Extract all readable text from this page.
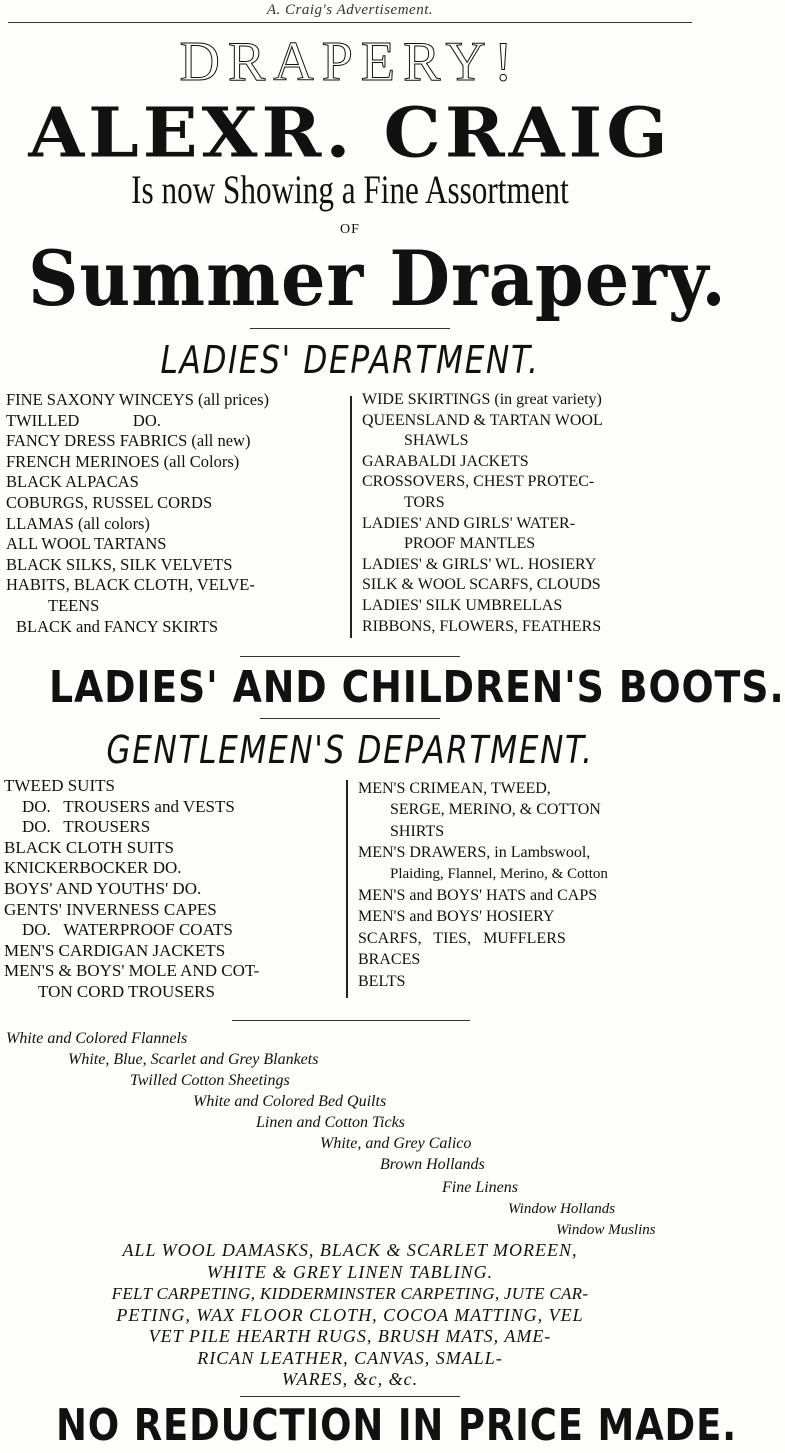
A. Craig's Advertisement.
DRAPERY!
ALEXR. CRAIG
Is now Showing a Fine Assortment
OF
Summer Drapery.
LADIES' DEPARTMENT.
FINE SAXONY WINCEYS (all prices)
TWILLED             DO.
FANCY DRESS FABRICS (all new)
FRENCH MERINOES (all Colors)
BLACK ALPACAS
COBURGS, RUSSEL CORDS
LLAMAS (all colors)
ALL WOOL TARTANS
BLACK SILKS, SILK VELVETS
HABITS, BLACK CLOTH, VELVE-
TEENS
BLACK and FANCY SKIRTS
WIDE SKIRTINGS (in great variety)
QUEENSLAND & TARTAN WOOL
SHAWLS
GARABALDI JACKETS
CROSSOVERS, CHEST PROTEC-
TORS
LADIES' AND GIRLS' WATER-
PROOF MANTLES
LADIES' & GIRLS' WL. HOSIERY
SILK & WOOL SCARFS, CLOUDS
LADIES' SILK UMBRELLAS
RIBBONS, FLOWERS, FEATHERS
LADIES' AND CHILDREN'S BOOTS.
GENTLEMEN'S DEPARTMENT.
TWEED SUITS
DO.   TROUSERS and VESTS
DO.   TROUSERS
BLACK CLOTH SUITS
KNICKERBOCKER DO.
BOYS' AND YOUTHS' DO.
GENTS' INVERNESS CAPES
DO.   WATERPROOF COATS
MEN'S CARDIGAN JACKETS
MEN'S & BOYS' MOLE AND COT-
TON CORD TROUSERS
MEN'S CRIMEAN, TWEED,
SERGE, MERINO, & COTTON
SHIRTS
MEN'S DRAWERS, in Lambswool,
Plaiding, Flannel, Merino, & Cotton
MEN'S and BOYS' HATS and CAPS
MEN'S and BOYS' HOSIERY
SCARFS,   TIES,   MUFFLERS
BRACES
BELTS
White and Colored Flannels
White, Blue, Scarlet and Grey Blankets
Twilled Cotton Sheetings
White and Colored Bed Quilts
Linen and Cotton Ticks
White, and Grey Calico
Brown Hollands
Fine Linens
Window Hollands
Window Muslins
ALL WOOL DAMASKS, BLACK & SCARLET MOREEN,
WHITE & GREY LINEN TABLING.
FELT CARPETING, KIDDERMINSTER CARPETING, JUTE CAR-
PETING, WAX FLOOR CLOTH, COCOA MATTING, VEL
VET PILE HEARTH RUGS, BRUSH MATS, AME-
RICAN LEATHER, CANVAS, SMALL-
WARES, &c, &c.
NO REDUCTION IN PRICE MADE.
